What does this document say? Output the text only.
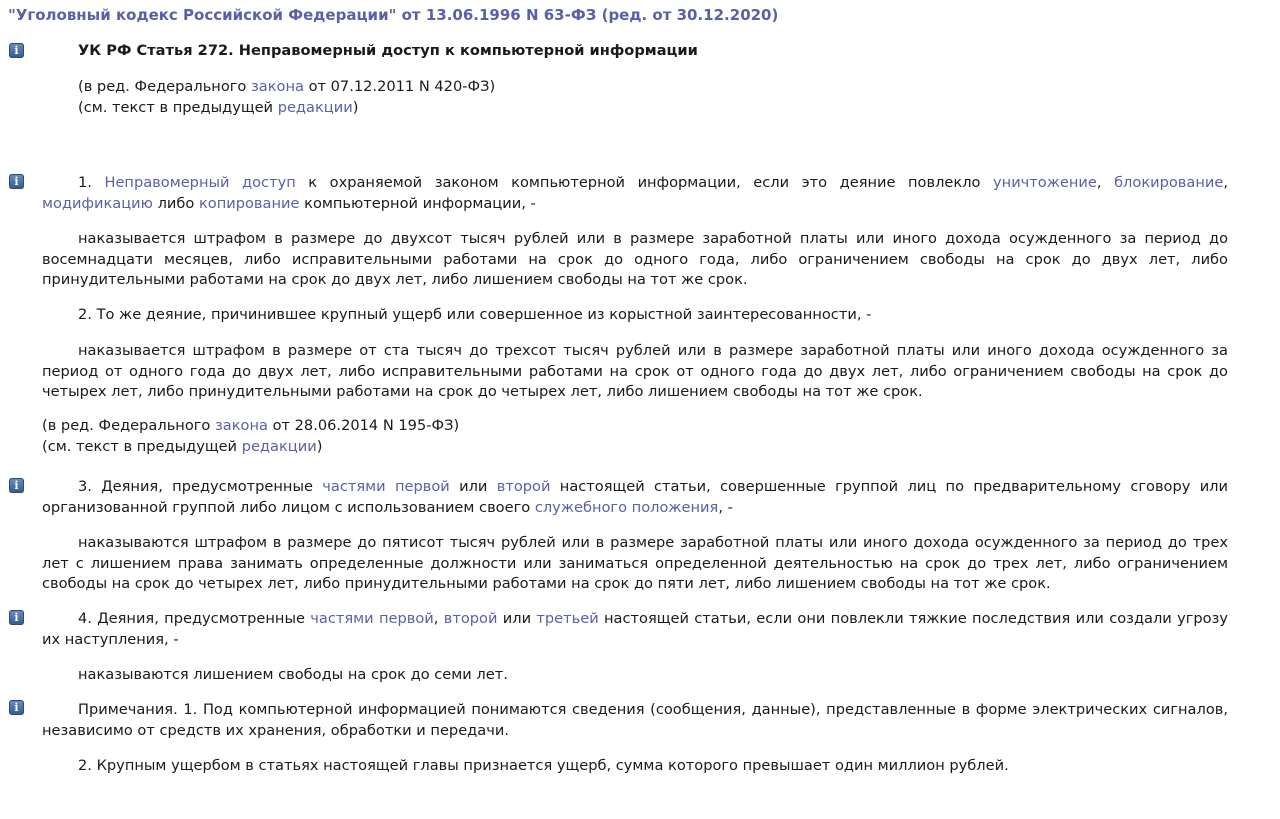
"Уголовный кодекс Российской Федерации" от 13.06.1996 N 63-ФЗ (ред. от 30.12.2020)
i
УК РФ Статья 272. Неправомерный доступ к компьютерной информации

(в ред. Федерального закона от 07.12.2011 N 420-ФЗ)

(см. текст в предыдущей редакции)

i
1. Неправомерный доступ к охраняемой законом компьютерной информации, если это деяние повлекло уничтожение, блокирование, модификацию либо копирование компьютерной информации, -
наказывается штрафом в размере до двухсот тысяч рублей или в размере заработной платы или иного дохода осужденного за период до восемнадцати месяцев, либо исправительными работами на срок до одного года, либо ограничением свободы на срок до двух лет, либо принудительными работами на срок до двух лет, либо лишением свободы на тот же срок.
2. То же деяние, причинившее крупный ущерб или совершенное из корыстной заинтересованности, -
наказывается штрафом в размере от ста тысяч до трехсот тысяч рублей или в размере заработной платы или иного дохода осужденного за период от одного года до двух лет, либо исправительными работами на срок от одного года до двух лет, либо ограничением свободы на срок до четырех лет, либо принудительными работами на срок до четырех лет, либо лишением свободы на тот же срок.

(в ред. Федерального закона от 28.06.2014 N 195-ФЗ)

(см. текст в предыдущей редакции)

i
3. Деяния, предусмотренные частями первой или второй настоящей статьи, совершенные группой лиц по предварительному сговору или организованной группой либо лицом с использованием своего служебного положения, -
наказываются штрафом в размере до пятисот тысяч рублей или в размере заработной платы или иного дохода осужденного за период до трех лет с лишением права занимать определенные должности или заниматься определенной деятельностью на срок до трех лет, либо ограничением свободы на срок до четырех лет, либо принудительными работами на срок до пяти лет, либо лишением свободы на тот же срок.
i
4. Деяния, предусмотренные частями первой, второй или третьей настоящей статьи, если они повлекли тяжкие последствия или создали угрозу их наступления, -
наказываются лишением свободы на срок до семи лет.
i
Примечания. 1. Под компьютерной информацией понимаются сведения (сообщения, данные), представленные в форме электрических сигналов, независимо от средств их хранения, обработки и передачи.
2. Крупным ущербом в статьях настоящей главы признается ущерб, сумма которого превышает один миллион рублей.
